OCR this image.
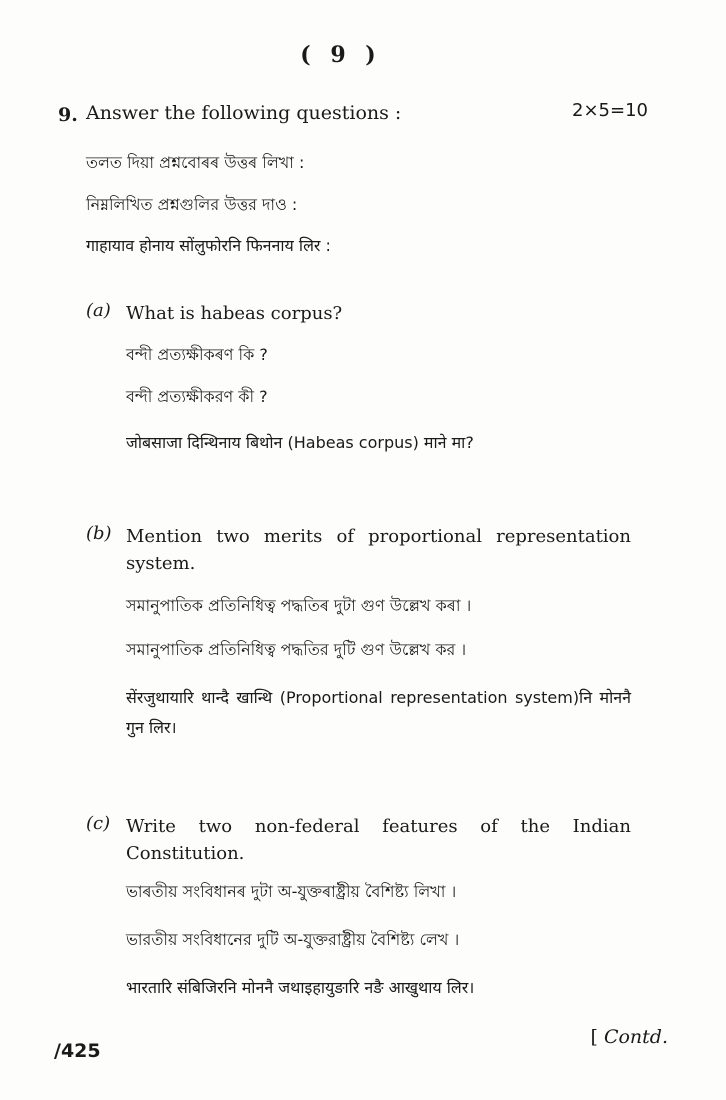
( 9 )
9. Answer the following questions :	2×5=10
তলত দিয়া প্ৰশ্নবোৰৰ উত্তৰ লিখা :
নিম্নলিখিত প্রশ্নগুলির উত্তর দাও :
गाहायाव होनाय सोंलुफोरनि फिननाय लिर :
(a) What is habeas corpus?
বন্দী প্ৰত্যক্ষীকৰণ কি ?
বন্দী প্রত্যক্ষীকরণ কী ?
जोबसाजा दिन्थिनाय बिथोन (Habeas corpus) माने मा?
(b) Mention two merits of proportional representation system.
সমানুপাতিক প্ৰতিনিধিত্ব পদ্ধতিৰ দুটা গুণ উল্লেখ কৰা ।
সমানুপাতিক প্রতিনিধিত্ব পদ্ধতির দুটি গুণ উল্লেখ কর ।
सेंरजुथायारि थान्दै खान्थि (Proportional representation system)नि मोननै गुन लिर।
(c) Write two non-federal features of the Indian Constitution.
ভাৰতীয় সংবিধানৰ দুটা অ-যুক্তৰাষ্ট্ৰীয় বৈশিষ্ট্য লিখা ।
ভারতীয় সংবিধানের দুটি অ-যুক্তরাষ্ট্রীয় বৈশিষ্ট্য লেখ ।
भारतारि संबिजिरनि मोननै जथाइहायुङारि नङै आखुथाय लिर।
/425
[ Contd.
